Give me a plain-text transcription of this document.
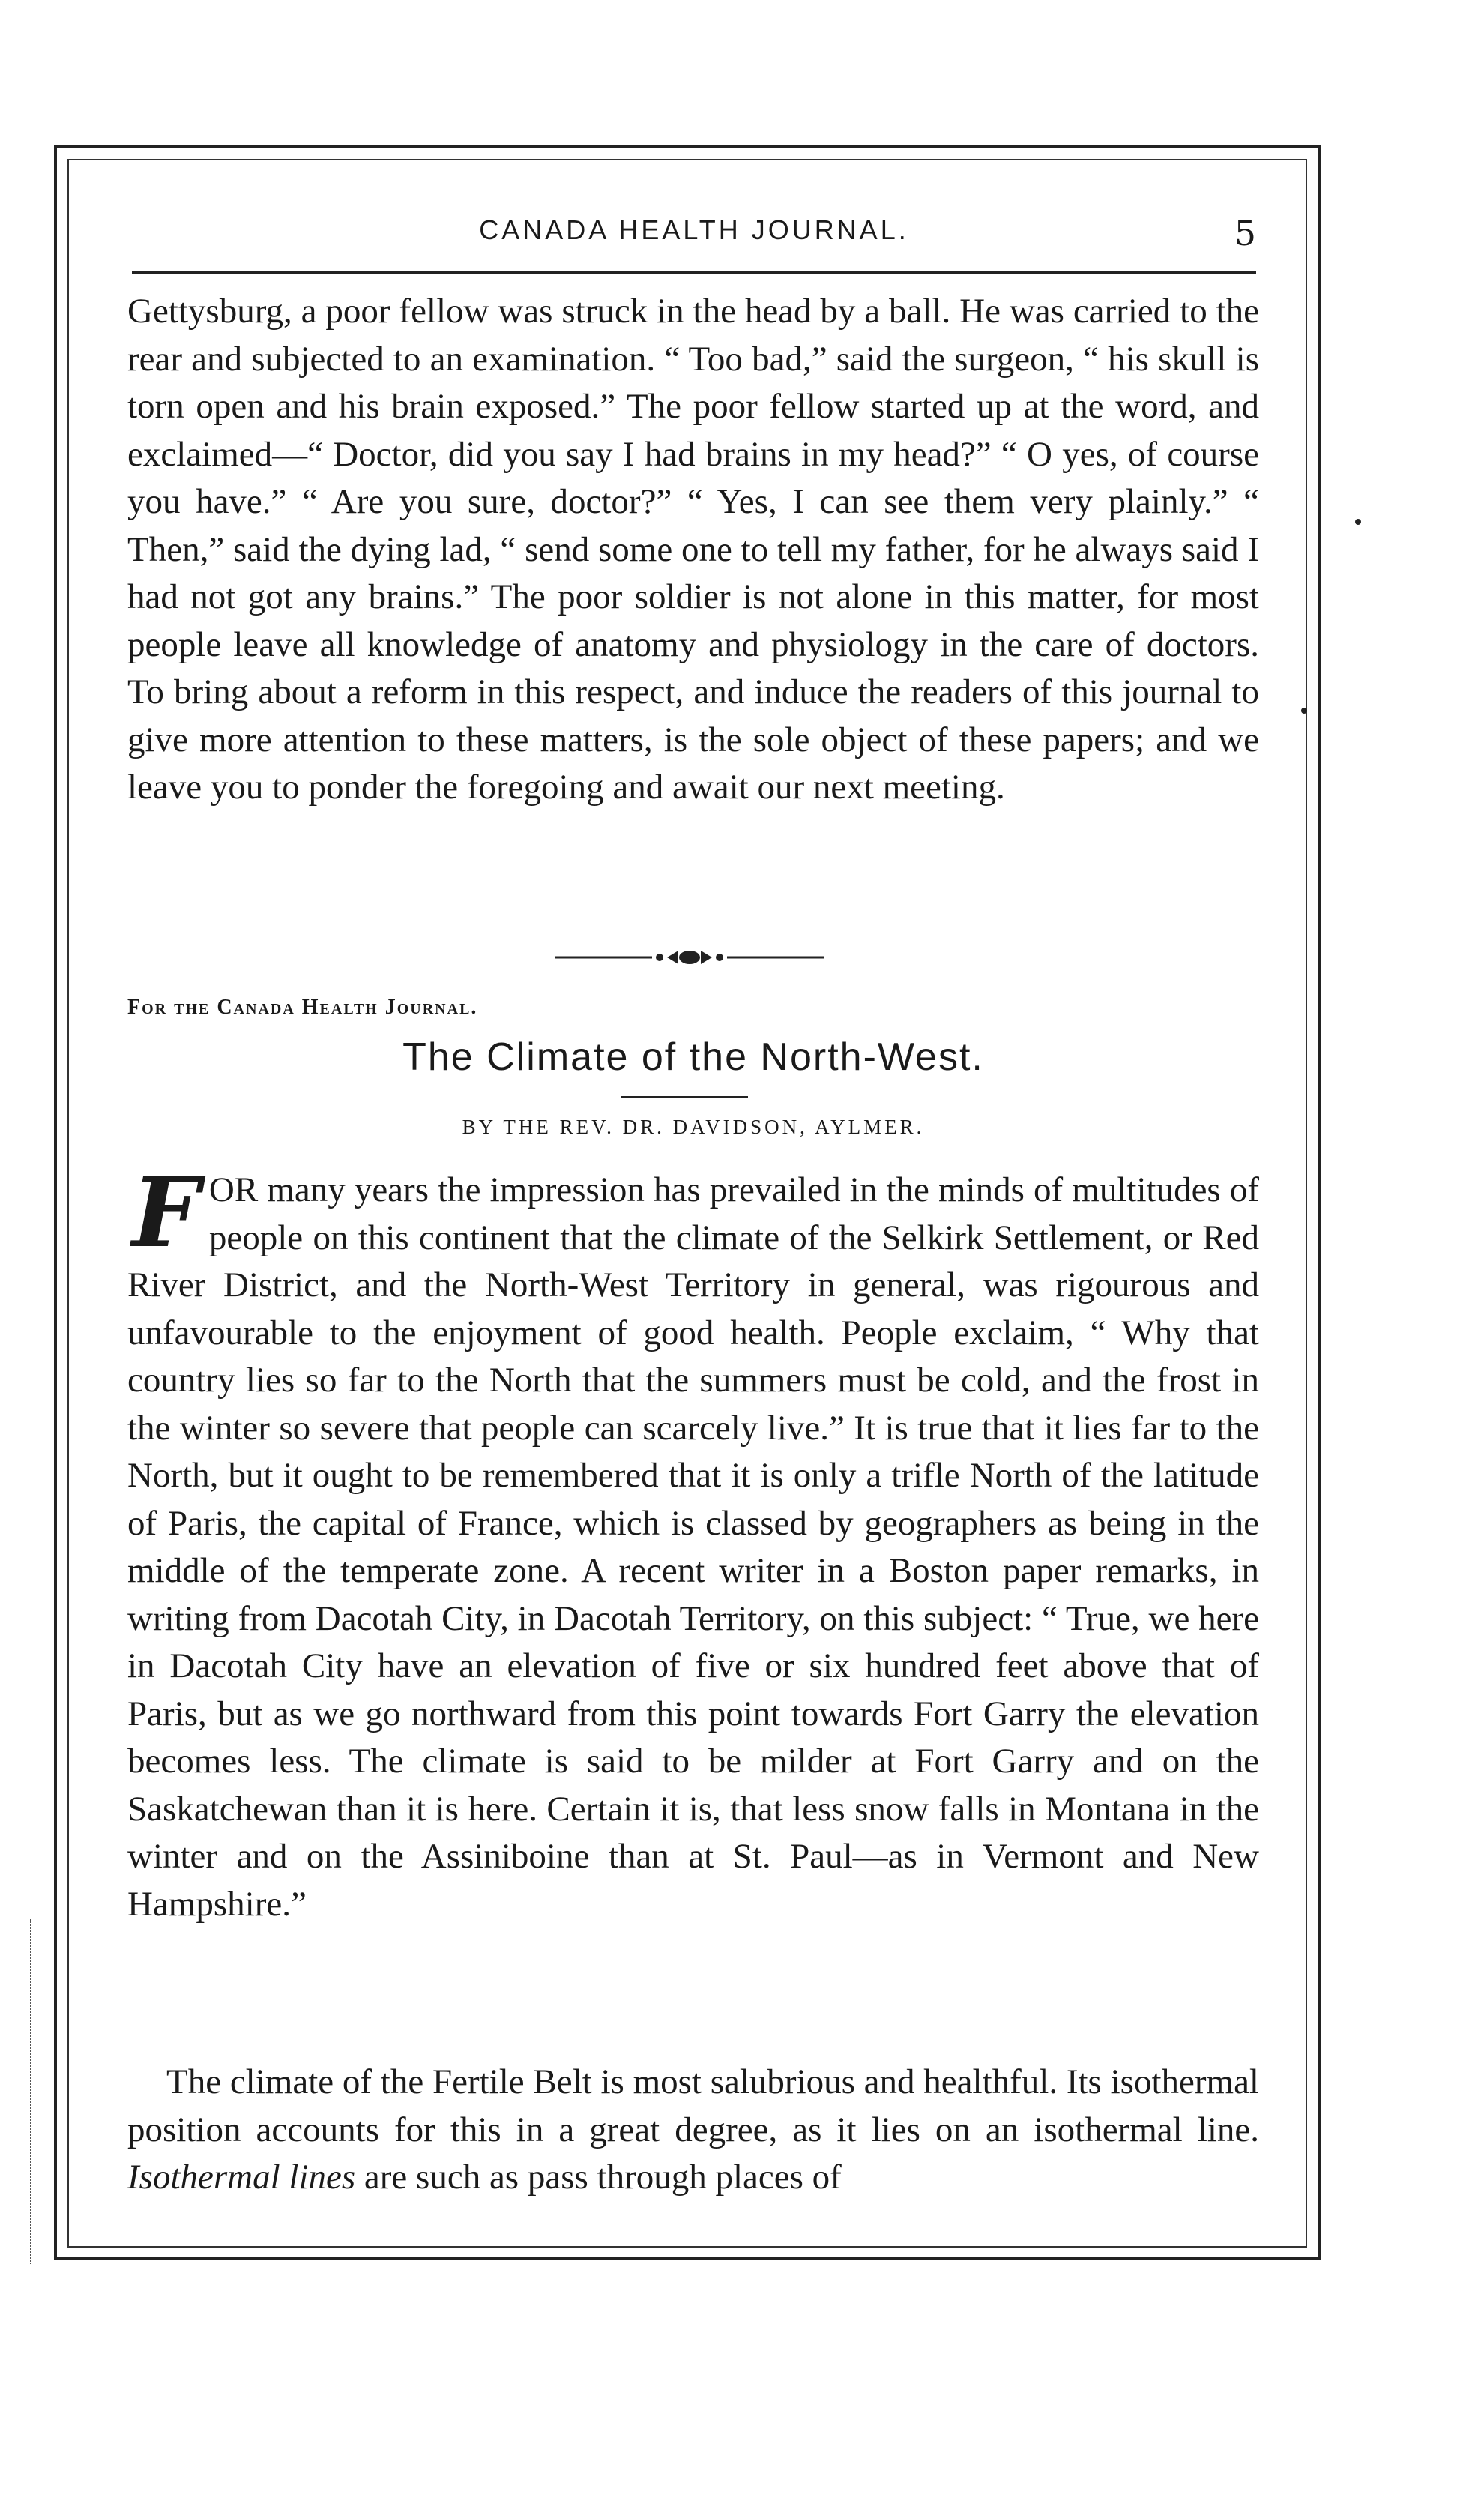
CANADA HEALTH JOURNAL.	5

Gettysburg, a poor fellow was struck in the head by a ball. He was carried to the rear and subjected to an examination. “ Too bad,” said the surgeon, “ his skull is torn open and his brain exposed.” The poor fellow started up at the word, and exclaimed—“ Doctor, did you say I had brains in my head?” “ O yes, of course you have.” “ Are you sure, doctor?” “ Yes, I can see them very plainly.” “ Then,” said the dying lad, “ send some one to tell my father, for he always said I had not got any brains.” The poor soldier is not alone in this matter, for most people leave all knowledge of anatomy and physiology in the care of doctors. To bring about a reform in this respect, and induce the readers of this journal to give more attention to these matters, is the sole object of these papers; and we leave you to ponder the foregoing and await our next meeting.

For the Canada Health Journal.
The Climate of the North-West.
BY THE REV. DR. DAVIDSON, AYLMER.

FOR many years the impression has prevailed in the minds of multitudes of people on this continent that the climate of the Selkirk Settlement, or Red River District, and the North-West Territory in general, was rigourous and unfavourable to the enjoyment of good health. People exclaim, “ Why that country lies so far to the North that the summers must be cold, and the frost in the winter so severe that people can scarcely live.” It is true that it lies far to the North, but it ought to be remembered that it is only a trifle North of the latitude of Paris, the capital of France, which is classed by geographers as being in the middle of the temperate zone. A recent writer in a Boston paper remarks, in writing from Dacotah City, in Dacotah Territory, on this subject: “ True, we here in Dacotah City have an elevation of five or six hundred feet above that of Paris, but as we go northward from this point towards Fort Garry the elevation becomes less. The climate is said to be milder at Fort Garry and on the Saskatchewan than it is here. Certain it is, that less snow falls in Montana in the winter and on the Assiniboine than at St. Paul—as in Vermont and New Hampshire.”

The climate of the Fertile Belt is most salubrious and healthful. Its isothermal position accounts for this in a great degree, as it lies on an isothermal line. Isothermal lines are such as pass through places of
